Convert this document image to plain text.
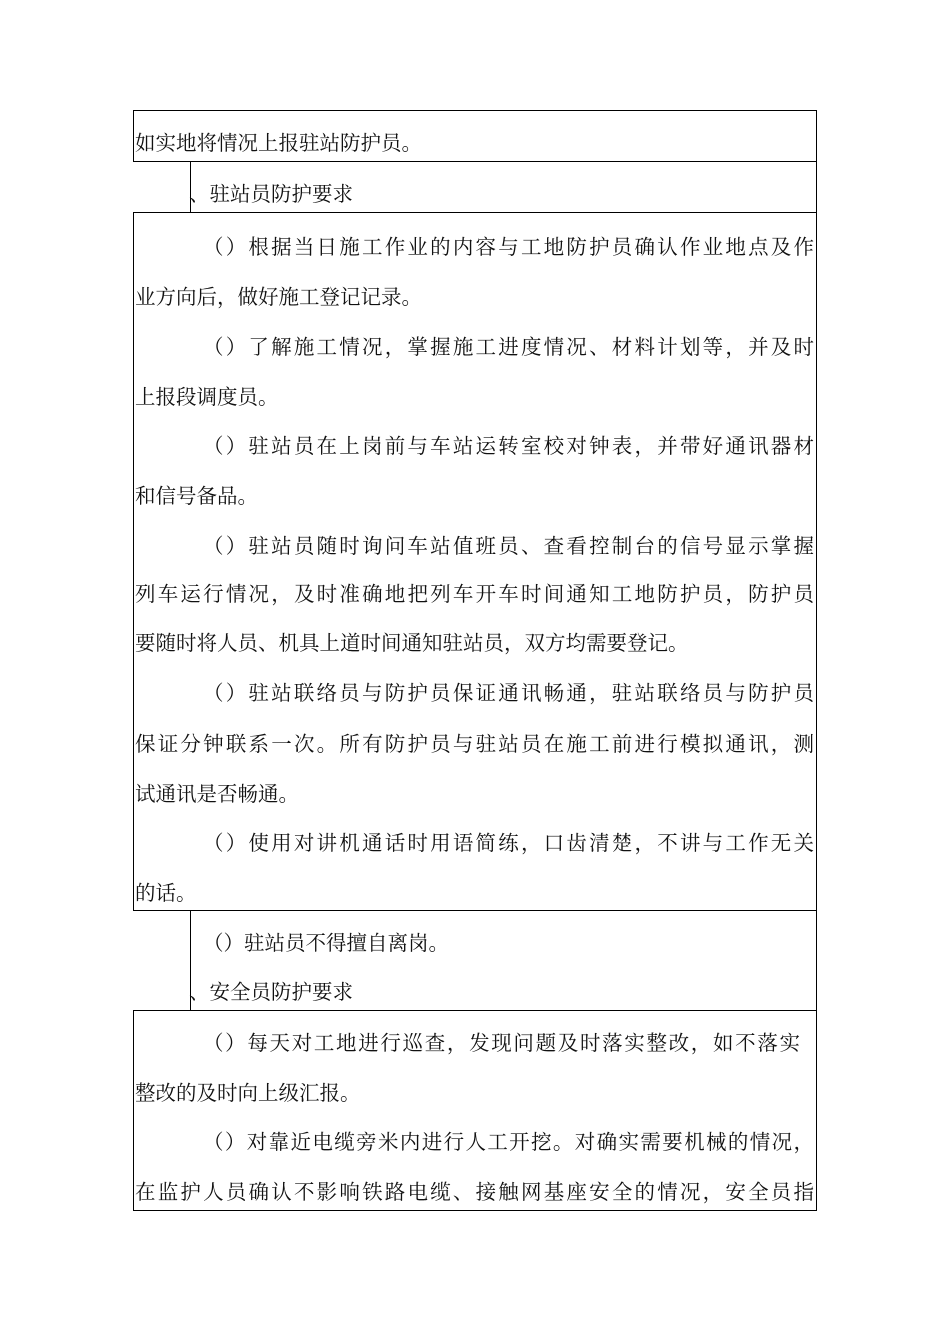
如实地将情况上报驻站防护员。
、驻站员防护要求
（）根据当日施工作业的内容与工地防护员确认作业地点及作
业方向后，做好施工登记记录。
（）了解施工情况，掌握施工进度情况、材料计划等，并及时
上报段调度员。
（）驻站员在上岗前与车站运转室校对钟表，并带好通讯器材
和信号备品。
（）驻站员随时询问车站值班员、查看控制台的信号显示掌握
列车运行情况，及时准确地把列车开车时间通知工地防护员，防护员
要随时将人员、机具上道时间通知驻站员，双方均需要登记。
（）驻站联络员与防护员保证通讯畅通，驻站联络员与防护员
保证分钟联系一次。所有防护员与驻站员在施工前进行模拟通讯，测
试通讯是否畅通。
（）使用对讲机通话时用语简练，口齿清楚，不讲与工作无关
的话。
（）驻站员不得擅自离岗。
、安全员防护要求
（）每天对工地进行巡查，发现问题及时落实整改，如不落实
整改的及时向上级汇报。
（）对靠近电缆旁米内进行人工开挖。对确实需要机械的情况，
在监护人员确认不影响铁路电缆、接触网基座安全的情况，安全员指
